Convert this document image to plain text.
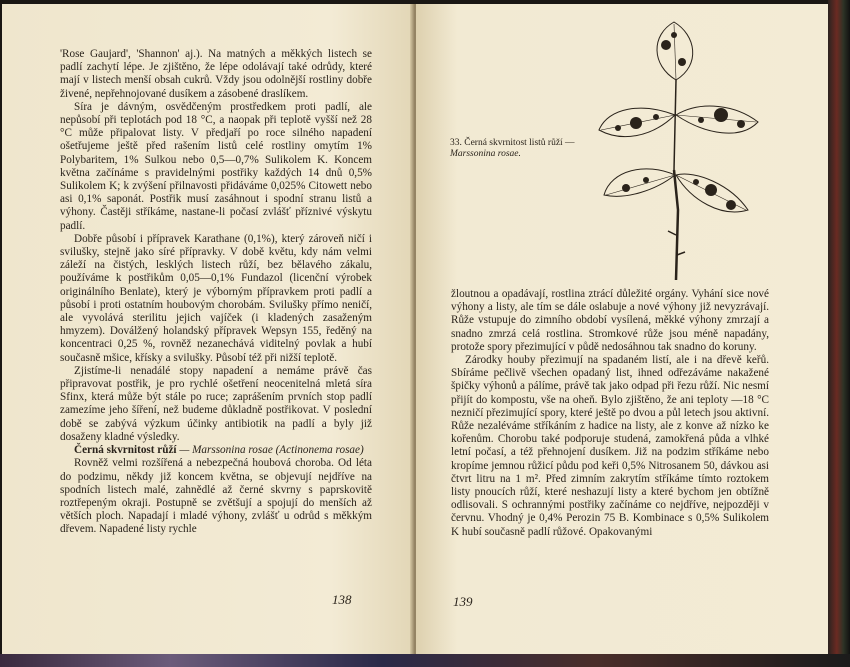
'Rose Gaujard', 'Shannon' aj.). Na matných a měkkých listech se padlí zachytí lépe. Je zjištěno, že lépe odolávají také odrůdy, které mají v listech menší obsah cukrů. Vždy jsou odolnější rostliny dobře živené, nepřehnojované dusíkem a zásobené draslíkem.

Síra je dávným, osvědčeným prostředkem proti padlí, ale nepůsobí při teplotách pod 18 °C, a naopak při teplotě vyšší než 28 °C může připalovat listy. V předjaří po roce silného napadení ošetřujeme ještě před rašením listů celé rostliny omytím 1% Polybaritem, 1% Sulkou nebo 0,5—0,7% Sulikolem K. Koncem května začínáme s pravidelnými postřiky každých 14 dnů 0,5% Sulikolem K; k zvýšení přilnavosti přidáváme 0,025% Citowett nebo asi 0,1% saponát. Postřik musí zasáhnout i spodní stranu listů a výhony. Častěji stříkáme, nastane-li počasí zvlášť příznivé výskytu padlí.

Dobře působí i přípravek Karathane (0,1%), který zároveň ničí i svilušky, stejně jako síré přípravky. V době květu, kdy nám velmi záleží na čistých, lesklých listech růží, bez bělavého zákalu, používáme k postřikům 0,05—0,1% Fundazol (licenční výrobek originálního Benlate), který je výborným přípravkem proti padlí a působí i proti ostatním houbovým chorobám. Svilušky přímo neničí, ale vyvolává sterilitu jejich vajíček (i kladených zasaženým hmyzem). Doválžený holandský přípravek Wepsyn 155, ředěný na koncentraci 0,25 %, rovněž nezanechává viditelný povlak a hubí současně mšice, křísky a svilušky. Působí též při nižší teplotě.

Zjistíme-li nenadálé stopy napadení a nemáme právě čas připravovat postřik, je pro rychlé ošetření neocenitelná mletá síra Sfinx, která může být stále po ruce; zaprášením prvních stop padlí zamezíme jeho šíření, než budeme důkladně postřikovat. V poslední době se zabývá výzkum účinky antibiotik na padlí a byly již dosaženy kladné výsledky.

Černá skvrnitost růží — Marssonina rosae (Actinonema rosae)

Rovněž velmi rozšířená a nebezpečná houbová choroba. Od léta do podzimu, někdy již koncem května, se objevují nejdříve na spodních listech malé, zahnědlé až černé skvrny s paprskovitě roztřepeným okraji. Postupně se zvětšují a spojují do menších až větších ploch. Napadají i mladé výhony, zvlášť u odrůd s měkkým dřevem. Napadené listy rychle

138
33. Černá skvrnitost listů růží — Marssonina rosae.

žloutnou a opadávají, rostlina ztrácí důležité orgány. Vyhání sice nové výhony a listy, ale tím se dále oslabuje a nové výhony již nevyzrávají. Růže vstupuje do zimního období vysílená, měkké výhony zmrzají a snadno zmrzá celá rostlina. Stromkové růže jsou méně napadány, protože spory přezimující v půdě nedosáhnou tak snadno do koruny.

Zárodky houby přezimují na spadaném listí, ale i na dřevě keřů. Sbíráme pečlivě všechen opadaný list, ihned odřezáváme nakažené špičky výhonů a pálíme, právě tak jako odpad při řezu růží. Nic nesmí přijít do kompostu, vše na oheň. Bylo zjištěno, že ani teploty —18 °C nezničí přezimující spory, které ještě po dvou a půl letech jsou aktivní. Růže nezaléváme stříkáním z hadice na listy, ale z konve až nízko ke kořenům. Chorobu také podporuje studená, zamokřená půda a vlhké letní počasí, a též přehnojení dusíkem. Již na podzim stříkáme nebo kropíme jemnou růžicí půdu pod keři 0,5% Nitrosanem 50, dávkou asi čtvrt litru na 1 m². Před zimním zakrytím stříkáme tímto roztokem listy pnoucích růží, které neshazují listy a které bychom jen obtížně odlisovali. S ochrannými postřiky začínáme co nejdříve, nejpozději v červnu. Vhodný je 0,4% Perozin 75 B. Kombinace s 0,5% Sulikolem K hubí současně padlí růžové. Opakovanými

139
